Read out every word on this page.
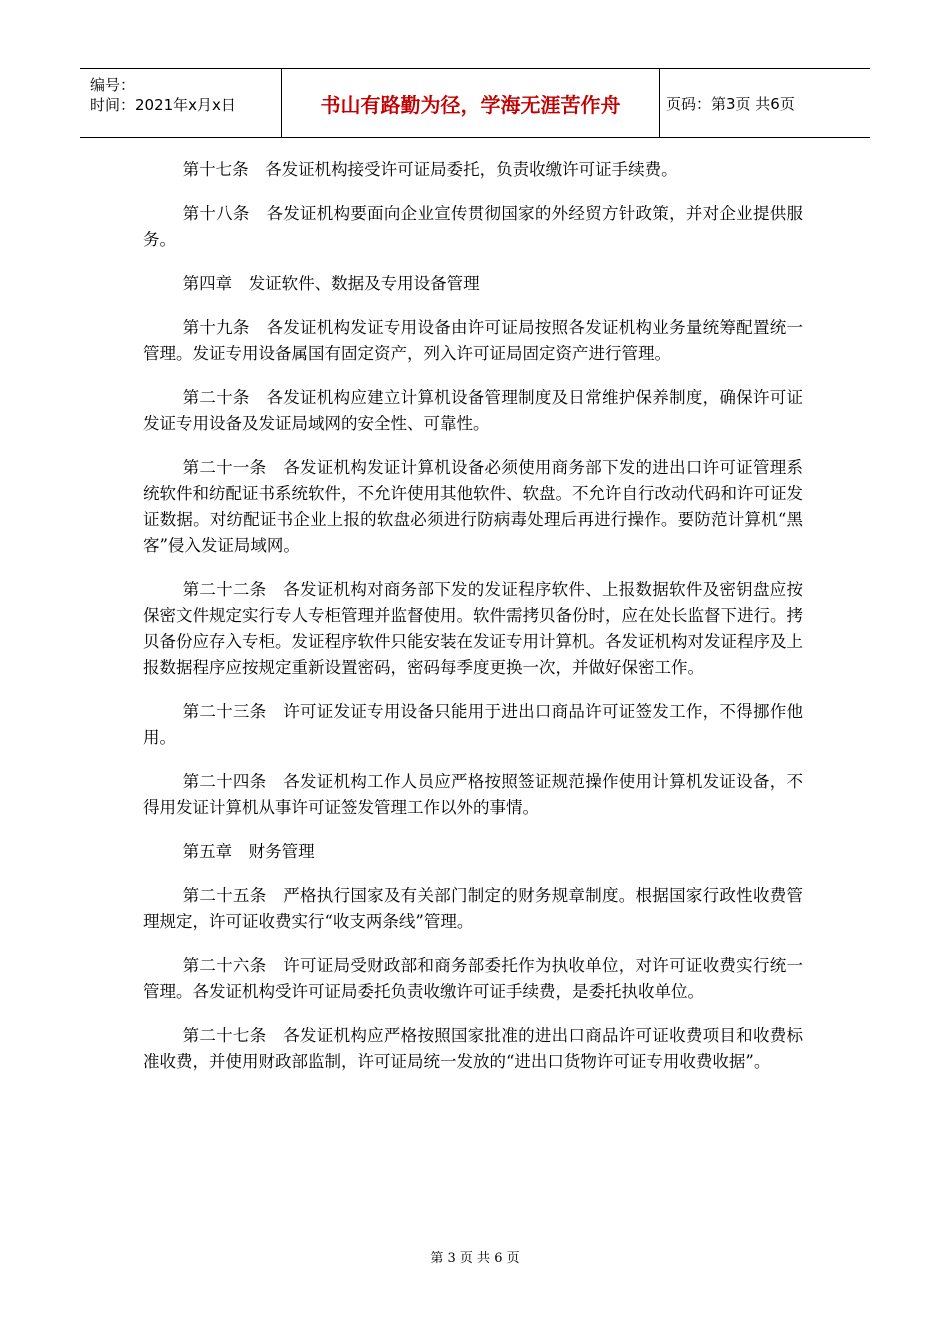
编号：
时间：2021年x月x日	书山有路勤为径，学海无涯苦作舟	页码：第3页 共6页

第十七条　各发证机构接受许可证局委托，负责收缴许可证手续费。

第十八条　各发证机构要面向企业宣传贯彻国家的外经贸方针政策，并对企业提供服务。

第四章　发证软件、数据及专用设备管理

第十九条　各发证机构发证专用设备由许可证局按照各发证机构业务量统筹配置统一管理。发证专用设备属国有固定资产，列入许可证局固定资产进行管理。

第二十条　各发证机构应建立计算机设备管理制度及日常维护保养制度，确保许可证发证专用设备及发证局域网的安全性、可靠性。

第二十一条　各发证机构发证计算机设备必须使用商务部下发的进出口许可证管理系统软件和纺配证书系统软件，不允许使用其他软件、软盘。不允许自行改动代码和许可证发证数据。对纺配证书企业上报的软盘必须进行防病毒处理后再进行操作。要防范计算机“黑客”侵入发证局域网。

第二十二条　各发证机构对商务部下发的发证程序软件、上报数据软件及密钥盘应按保密文件规定实行专人专柜管理并监督使用。软件需拷贝备份时，应在处长监督下进行。拷贝备份应存入专柜。发证程序软件只能安装在发证专用计算机。各发证机构对发证程序及上报数据程序应按规定重新设置密码，密码每季度更换一次，并做好保密工作。

第二十三条　许可证发证专用设备只能用于进出口商品许可证签发工作，不得挪作他用。

第二十四条　各发证机构工作人员应严格按照签证规范操作使用计算机发证设备，不得用发证计算机从事许可证签发管理工作以外的事情。

第五章　财务管理

第二十五条　严格执行国家及有关部门制定的财务规章制度。根据国家行政性收费管理规定，许可证收费实行“收支两条线”管理。

第二十六条　许可证局受财政部和商务部委托作为执收单位，对许可证收费实行统一管理。各发证机构受许可证局委托负责收缴许可证手续费，是委托执收单位。

第二十七条　各发证机构应严格按照国家批准的进出口商品许可证收费项目和收费标准收费，并使用财政部监制，许可证局统一发放的“进出口货物许可证专用收费收据”。

第 3 页 共 6 页
